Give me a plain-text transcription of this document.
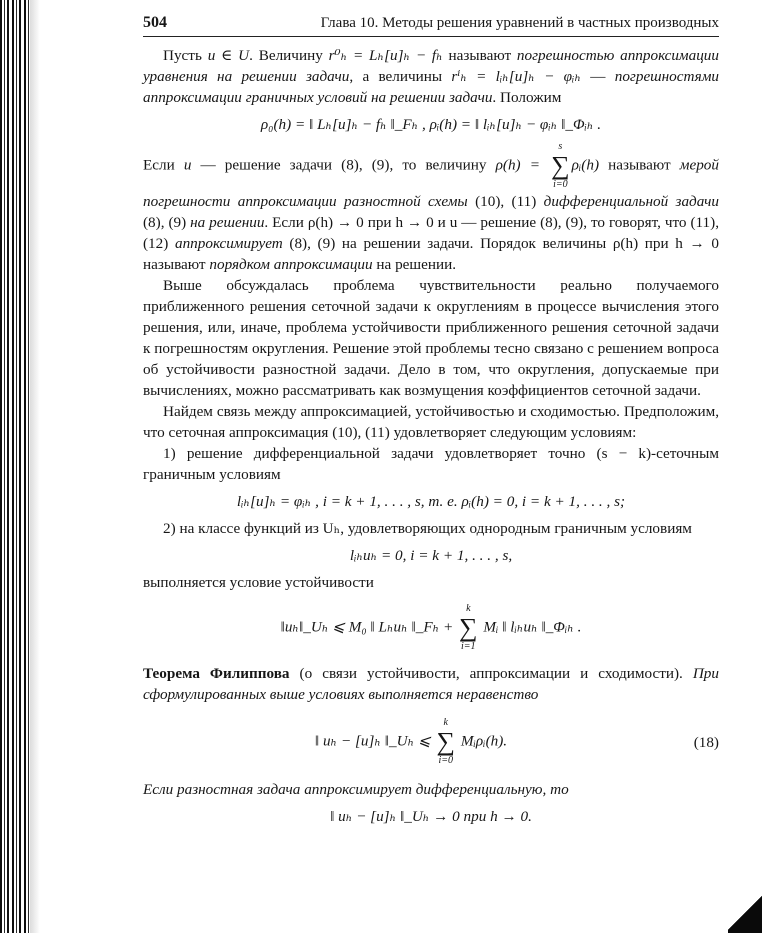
504	Глава 10. Методы решения уравнений в частных производных

Пусть u ∈ U. Величину r⁰ₕ = Lₕ[u]ₕ − fₕ называют погрешностью аппроксимации уравнения на решении задачи, а величины rⁱₕ = lᵢₕ[u]ₕ − φᵢₕ — погрешностями аппроксимации граничных условий на решении задачи. Положим

ρ₀(h) = ‖ Lₕ[u]ₕ − fₕ ‖_Fₕ , ρᵢ(h) = ‖ lᵢₕ[u]ₕ − φᵢₕ ‖_Φᵢₕ .

Если u — решение задачи (8), (9), то величину ρ(h) =
s
∑
i=0
ρᵢ(h) называют мерой погрешности аппроксимации разностной схемы (10), (11) дифференциальной задачи (8), (9) на решении. Если ρ(h) → 0 при h → 0 и u — решение (8), (9), то говорят, что (11), (12) аппроксимирует (8), (9) на решении задачи. Порядок величины ρ(h) при h → 0 называют порядком аппроксимации на решении.

Выше обсуждалась проблема чувствительности реально получаемого приближенного решения сеточной задачи к округлениям в процессе вычисления этого решения, или, иначе, проблема устойчивости приближенного решения сеточной задачи к погрешностям округления. Решение этой проблемы тесно связано с решением вопроса об устойчивости разностной задачи. Дело в том, что округления, допускаемые при вычислениях, можно рассматривать как возмущения коэффициентов сеточной задачи.

Найдем связь между аппроксимацией, устойчивостью и сходимостью. Предположим, что сеточная аппроксимация (10), (11) удовлетворяет следующим условиям:

1) решение дифференциальной задачи удовлетворяет точно (s − k)-сеточным граничным условиям

lᵢₕ[u]ₕ = φᵢₕ , i = k + 1, . . . , s, т. е. ρᵢ(h) = 0, i = k + 1, . . . , s;

2) на классе функций из Uₕ, удовлетворяющих однородным граничным условиям

lᵢₕuₕ = 0, i = k + 1, . . . , s,

выполняется условие устойчивости

‖uₕ‖_Uₕ ⩽ M₀ ‖ Lₕuₕ ‖_Fₕ +
k
∑
i=1
Mᵢ ‖ lᵢₕuₕ ‖_Φᵢₕ .

Теорема Филиппова (о связи устойчивости, аппроксимации и сходимости). При сформулированных выше условиях выполняется неравенство

‖ uₕ − [u]ₕ ‖_Uₕ ⩽
k
∑
i=0
Mᵢρᵢ(h).	(18)

Если разностная задача аппроксимирует дифференциальную, то

‖ uₕ − [u]ₕ ‖_Uₕ → 0 при h → 0.
